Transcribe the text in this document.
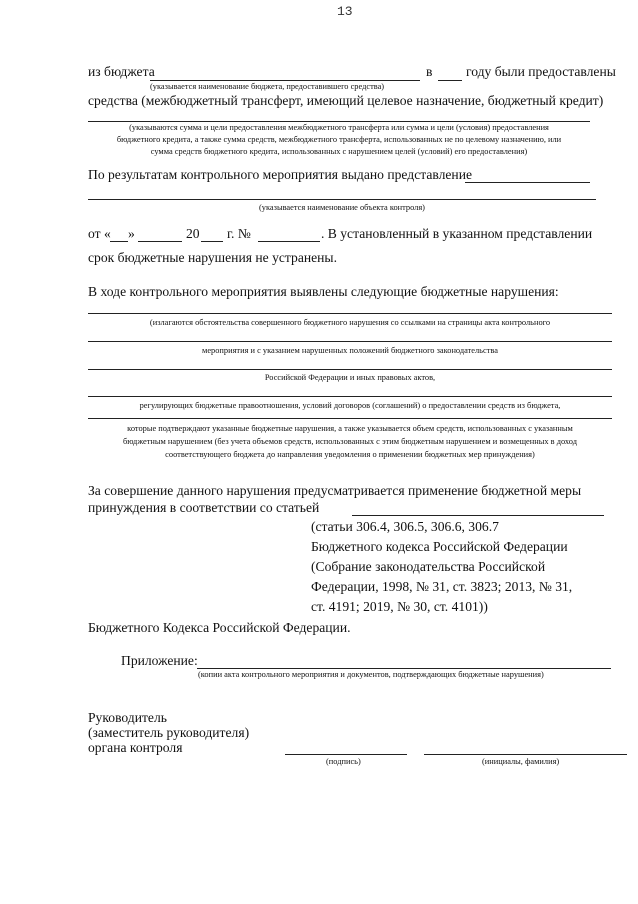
13
из бюджета	в году были предоставлены
(указывается наименование бюджета, предоставившего средства)
средства (межбюджетный трансферт, имеющий целевое назначение, бюджетный кредит)
(указываются сумма и цели предоставления межбюджетного трансферта или сумма и цели (условия) предоставления
бюджетного кредита, а также сумма средств, межбюджетного трансферта, использованных не по целевому назначению, или
сумма средств бюджетного кредита, использованных с нарушением целей (условий) его предоставления)
По результатам контрольного мероприятия выдано представление
(указывается наименование объекта контроля)
от « »	20 г. №	. В установленный в указанном представлении
срок бюджетные нарушения не устранены.
В ходе контрольного мероприятия выявлены следующие бюджетные нарушения:
(излагаются обстоятельства совершенного бюджетного нарушения со ссылками на страницы акта контрольного
мероприятия и с указанием нарушенных положений бюджетного законодательства
Российской Федерации и иных правовых актов,
регулирующих бюджетные правоотношения, условий договоров (соглашений) о предоставлении средств из бюджета,
которые подтверждают указанные бюджетные нарушения, а также указывается объем средств, использованных с указанным
бюджетным нарушением (без учета объемов средств, использованных с этим бюджетным нарушением и возмещенных в доход
соответствующего бюджета до направления уведомления о применении бюджетных мер принуждения)
За совершение данного нарушения предусматривается применение бюджетной меры
принуждения в соответствии со статьей
(статьи 306.4, 306.5, 306.6, 306.7
Бюджетного кодекса Российской Федерации
(Собрание законодательства Российской
Федерации, 1998, № 31, ст. 3823; 2013, № 31,
ст. 4191; 2019, № 30, ст. 4101))
Бюджетного Кодекса Российской Федерации.
Приложение:
(копии акта контрольного мероприятия и документов, подтверждающих бюджетные нарушения)
Руководитель
(заместитель руководителя)
органа контроля
(подпись)	(инициалы, фамилия)
